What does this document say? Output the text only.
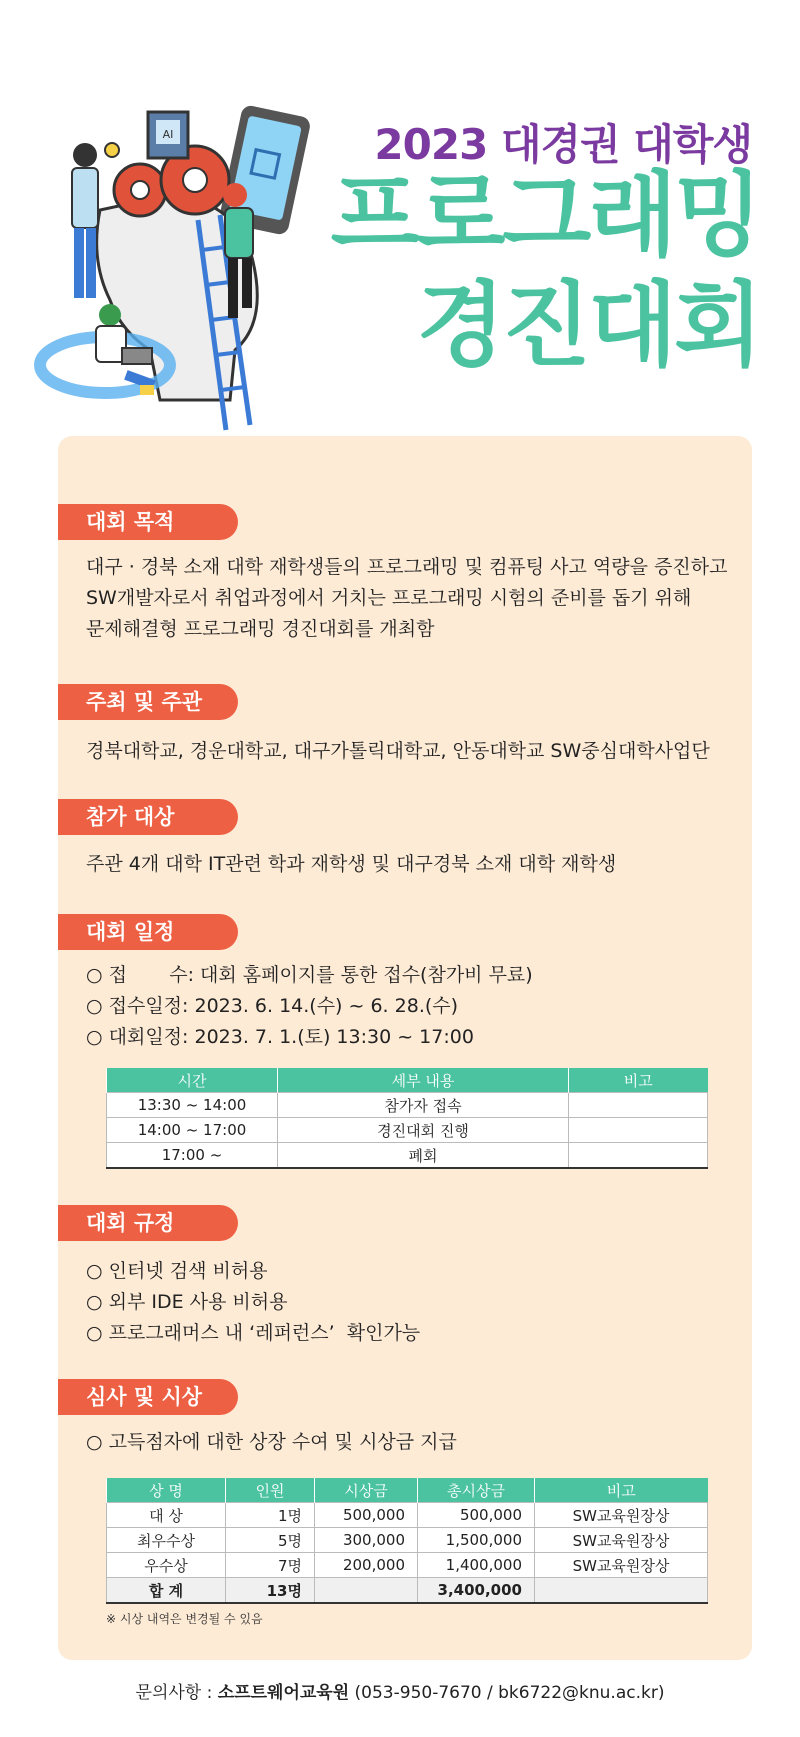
AI	2023 대경권 대학생
프로그래밍
경진대회
대회 목적
대구 · 경북 소재 대학 재학생들의 프로그래밍 및 컴퓨팅 사고 역량을 증진하고
SW개발자로서 취업과정에서 거치는 프로그래밍 시험의 준비를 돕기 위해
문제해결형 프로그래밍 경진대회를 개최함
주최 및 주관
경북대학교, 경운대학교, 대구가톨릭대학교, 안동대학교 SW중심대학사업단
참가 대상
주관 4개 대학 IT관련 학과 재학생 및 대구경북 소재 대학 재학생
대회 일정
○ 접       수: 대회 홈페이지를 통한 접수(참가비 무료)
○ 접수일정: 2023. 6. 14.(수) ~ 6. 28.(수)
○ 대회일정: 2023. 7. 1.(토) 13:30 ~ 17:00
시간	세부 내용	비고
13:30 ~ 14:00	참가자 접속	
14:00 ~ 17:00	경진대회 진행	
17:00 ~	폐회	
대회 규정
○ 인터넷 검색 비허용
○ 외부 IDE 사용 비허용
○ 프로그래머스 내 ‘레퍼런스’  확인가능
심사 및 시상
○ 고득점자에 대한 상장 수여 및 시상금 지급
상 명	인원	시상금	총시상금	비고
대 상	1명	500,000	500,000	SW교육원장상
최우수상	5명	300,000	1,500,000	SW교육원장상
우수상	7명	200,000	1,400,000	SW교육원장상
합 계	13명		3,400,000	
※ 시상 내역은 변경될 수 있음
문의사항 : 소프트웨어교육원 (053-950-7670 / bk6722@knu.ac.kr)
